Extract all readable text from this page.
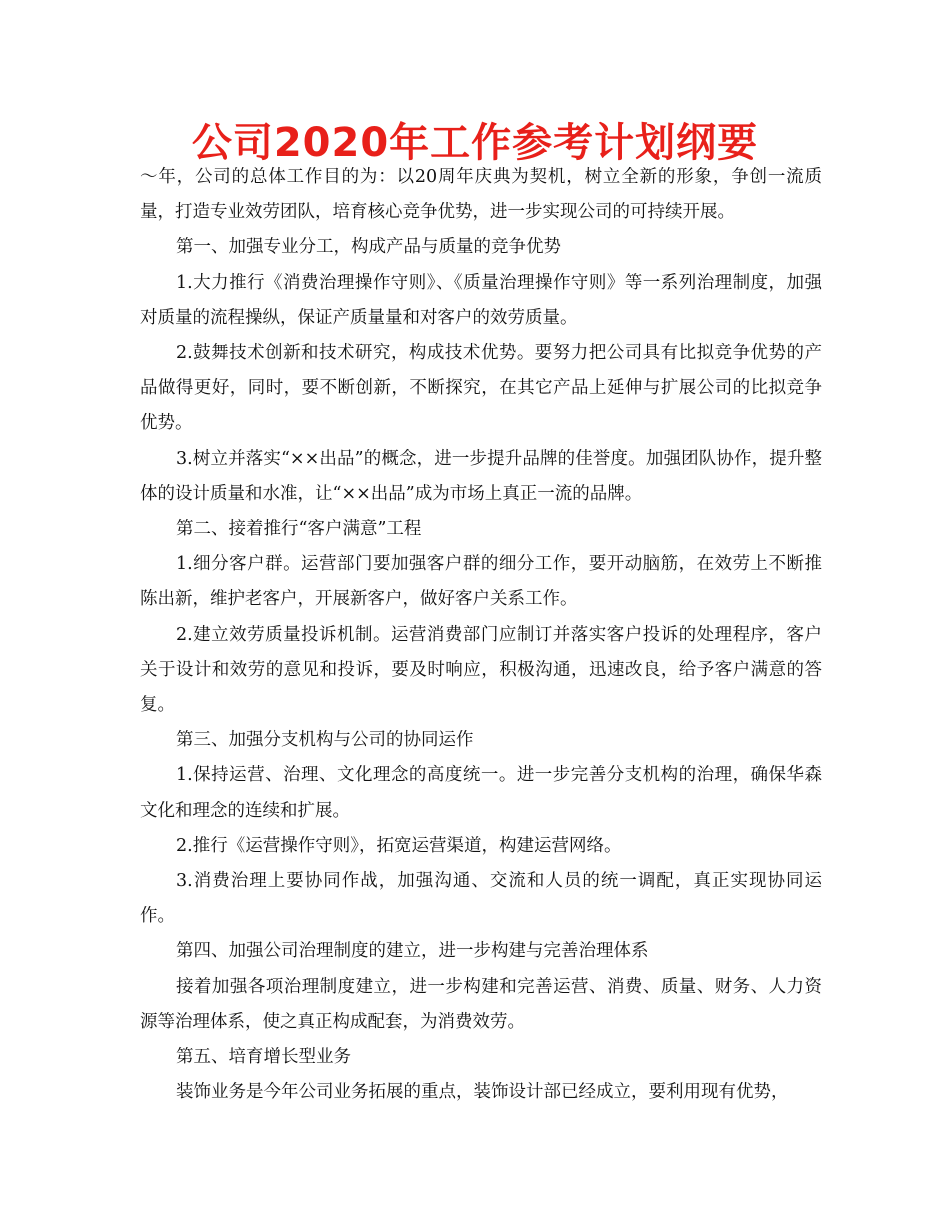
公司2020年工作参考计划纲要

～年，公司的总体工作目的为：以20周年庆典为契机，树立全新的形象，争创一流质量，打造专业效劳团队，培育核心竞争优势，进一步实现公司的可持续开展。

第一、加强专业分工，构成产品与质量的竞争优势

1.大力推行《消费治理操作守则》、《质量治理操作守则》等一系列治理制度，加强对质量的流程操纵，保证产质量量和对客户的效劳质量。

2.鼓舞技术创新和技术研究，构成技术优势。要努力把公司具有比拟竞争优势的产品做得更好，同时，要不断创新，不断探究，在其它产品上延伸与扩展公司的比拟竞争优势。

3.树立并落实“××出品”的概念，进一步提升品牌的佳誉度。加强团队协作，提升整体的设计质量和水准，让“××出品”成为市场上真正一流的品牌。

第二、接着推行“客户满意”工程

1.细分客户群。运营部门要加强客户群的细分工作，要开动脑筋，在效劳上不断推陈出新，维护老客户，开展新客户，做好客户关系工作。

2.建立效劳质量投诉机制。运营消费部门应制订并落实客户投诉的处理程序，客户关于设计和效劳的意见和投诉，要及时响应，积极沟通，迅速改良，给予客户满意的答复。

第三、加强分支机构与公司的协同运作

1.保持运营、治理、文化理念的高度统一。进一步完善分支机构的治理，确保华森文化和理念的连续和扩展。

2.推行《运营操作守则》，拓宽运营渠道，构建运营网络。

3.消费治理上要协同作战，加强沟通、交流和人员的统一调配，真正实现协同运作。

第四、加强公司治理制度的建立，进一步构建与完善治理体系

接着加强各项治理制度建立，进一步构建和完善运营、消费、质量、财务、人力资源等治理体系，使之真正构成配套，为消费效劳。

第五、培育增长型业务

装饰业务是今年公司业务拓展的重点，装饰设计部已经成立，要利用现有优势，
